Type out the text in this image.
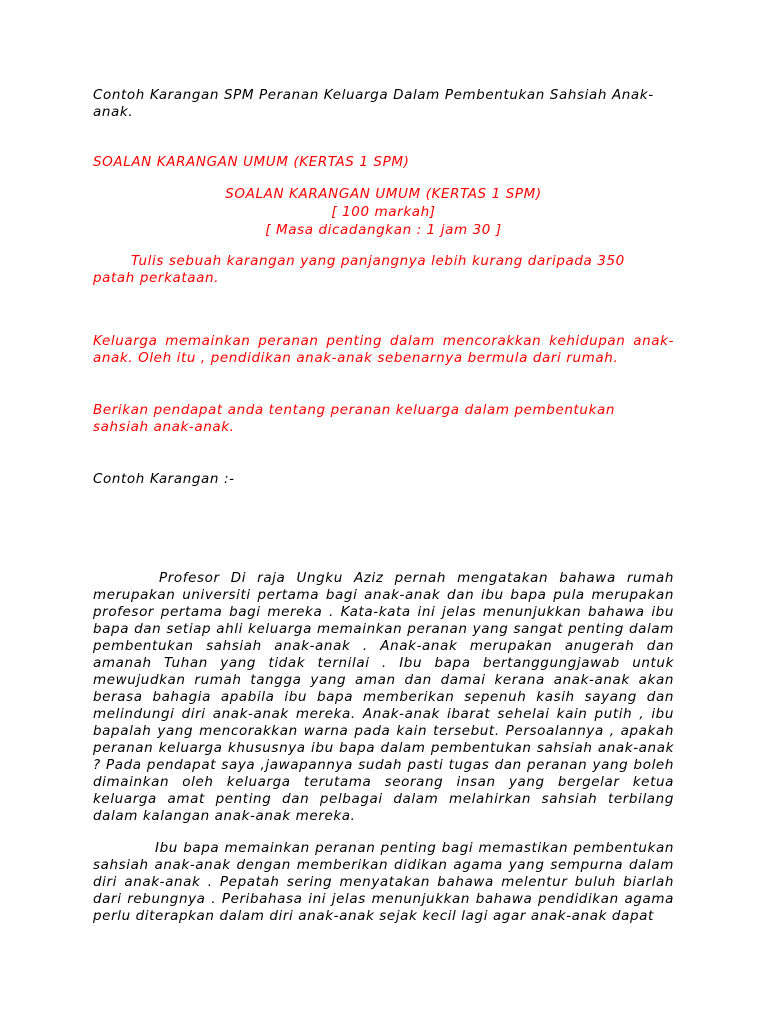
Contoh Karangan SPM Peranan Keluarga Dalam Pembentukan Sahsiah Anak-anak.

SOALAN KARANGAN UMUM (KERTAS 1 SPM)

SOALAN KARANGAN UMUM (KERTAS 1 SPM)
[ 100 markah]
[ Masa dicadangkan : 1 jam 30 ]

Tulis sebuah karangan yang panjangnya lebih kurang daripada 350 patah perkataan.

Keluarga memainkan peranan penting dalam mencorakkan kehidupan anak-anak. Oleh itu , pendidikan anak-anak sebenarnya bermula dari rumah.

Berikan pendapat anda tentang peranan keluarga dalam pembentukan sahsiah anak-anak.

Contoh Karangan :-

Profesor Di raja Ungku Aziz pernah mengatakan bahawa rumah merupakan universiti pertama bagi anak-anak dan ibu bapa pula merupakan profesor pertama bagi mereka . Kata-kata ini jelas menunjukkan bahawa ibu bapa dan setiap ahli keluarga memainkan peranan yang sangat penting dalam pembentukan sahsiah anak-anak . Anak-anak merupakan anugerah dan amanah Tuhan yang tidak ternilai . Ibu bapa bertanggungjawab untuk mewujudkan rumah tangga yang aman dan damai kerana anak-anak akan berasa bahagia apabila ibu bapa memberikan sepenuh kasih sayang dan melindungi diri anak-anak mereka. Anak-anak ibarat sehelai kain putih , ibu bapalah yang mencorakkan warna pada kain tersebut. Persoalannya , apakah peranan keluarga khususnya ibu bapa dalam pembentukan sahsiah anak-anak ? Pada pendapat saya ,jawapannya sudah pasti tugas dan peranan yang boleh dimainkan oleh keluarga terutama seorang insan yang bergelar ketua keluarga amat penting dan pelbagai dalam melahirkan sahsiah terbilang dalam kalangan anak-anak mereka.

Ibu bapa memainkan peranan penting bagi memastikan pembentukan sahsiah anak-anak dengan memberikan didikan agama yang sempurna dalam diri anak-anak . Pepatah sering menyatakan bahawa melentur buluh biarlah dari rebungnya . Peribahasa ini jelas menunjukkan bahawa pendidikan agama perlu diterapkan dalam diri anak-anak sejak kecil lagi agar anak-anak dapat
